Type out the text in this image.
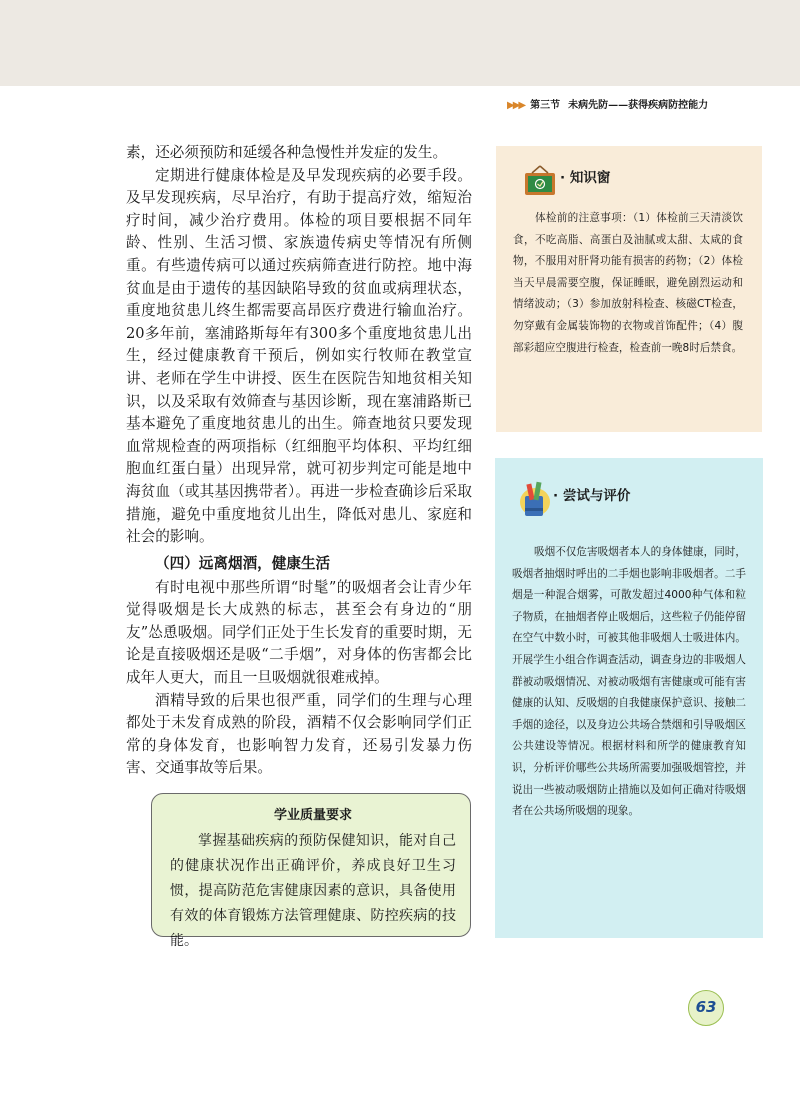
▶▶▶ 第三节 未病先防——获得疾病防控能力

素，还必须预防和延缓各种急慢性并发症的发生。

定期进行健康体检是及早发现疾病的必要手段。及早发现疾病，尽早治疗，有助于提高疗效，缩短治疗时间，减少治疗费用。体检的项目要根据不同年龄、性别、生活习惯、家族遗传病史等情况有所侧重。有些遗传病可以通过疾病筛查进行防控。地中海贫血是由于遗传的基因缺陷导致的贫血或病理状态，重度地贫患儿终生都需要高昂医疗费进行输血治疗。20多年前，塞浦路斯每年有300多个重度地贫患儿出生，经过健康教育干预后，例如实行牧师在教堂宣讲、老师在学生中讲授、医生在医院告知地贫相关知识，以及采取有效筛查与基因诊断，现在塞浦路斯已基本避免了重度地贫患儿的出生。筛查地贫只要发现血常规检查的两项指标（红细胞平均体积、平均红细胞血红蛋白量）出现异常，就可初步判定可能是地中海贫血（或其基因携带者）。再进一步检查确诊后采取措施，避免中重度地贫儿出生，降低对患儿、家庭和社会的影响。

（四）远离烟酒，健康生活

有时电视中那些所谓“时髦”的吸烟者会让青少年觉得吸烟是长大成熟的标志，甚至会有身边的“朋友”怂恿吸烟。同学们正处于生长发育的重要时期，无论是直接吸烟还是吸“二手烟”，对身体的伤害都会比成年人更大，而且一旦吸烟就很难戒掉。

酒精导致的后果也很严重，同学们的生理与心理都处于未发育成熟的阶段，酒精不仅会影响同学们正常的身体发育，也影响智力发育，还易引发暴力伤害、交通事故等后果。

学业质量要求
掌握基础疾病的预防保健知识，能对自己的健康状况作出正确评价，养成良好卫生习惯，提高防范危害健康因素的意识，具备使用有效的体育锻炼方法管理健康、防控疾病的技能。
· 知识窗
体检前的注意事项：（1）体检前三天清淡饮食，不吃高脂、高蛋白及油腻或太甜、太咸的食物，不服用对肝肾功能有损害的药物；（2）体检当天早晨需要空腹，保证睡眠，避免剧烈运动和情绪波动；（3）参加放射科检查、核磁CT检查，勿穿戴有金属装饰物的衣物或首饰配件；（4）腹部彩超应空腹进行检查，检查前一晚8时后禁食。
· 尝试与评价
吸烟不仅危害吸烟者本人的身体健康，同时，吸烟者抽烟时呼出的二手烟也影响非吸烟者。二手烟是一种混合烟雾，可散发超过4000种气体和粒子物质，在抽烟者停止吸烟后，这些粒子仍能停留在空气中数小时，可被其他非吸烟人士吸进体内。开展学生小组合作调查活动，调查身边的非吸烟人群被动吸烟情况、对被动吸烟有害健康或可能有害健康的认知、反吸烟的自我健康保护意识、接触二手烟的途径，以及身边公共场合禁烟和引导吸烟区公共建设等情况。根据材料和所学的健康教育知识，分析评价哪些公共场所需要加强吸烟管控，并说出一些被动吸烟防止措施以及如何正确对待吸烟者在公共场所吸烟的现象。
63
